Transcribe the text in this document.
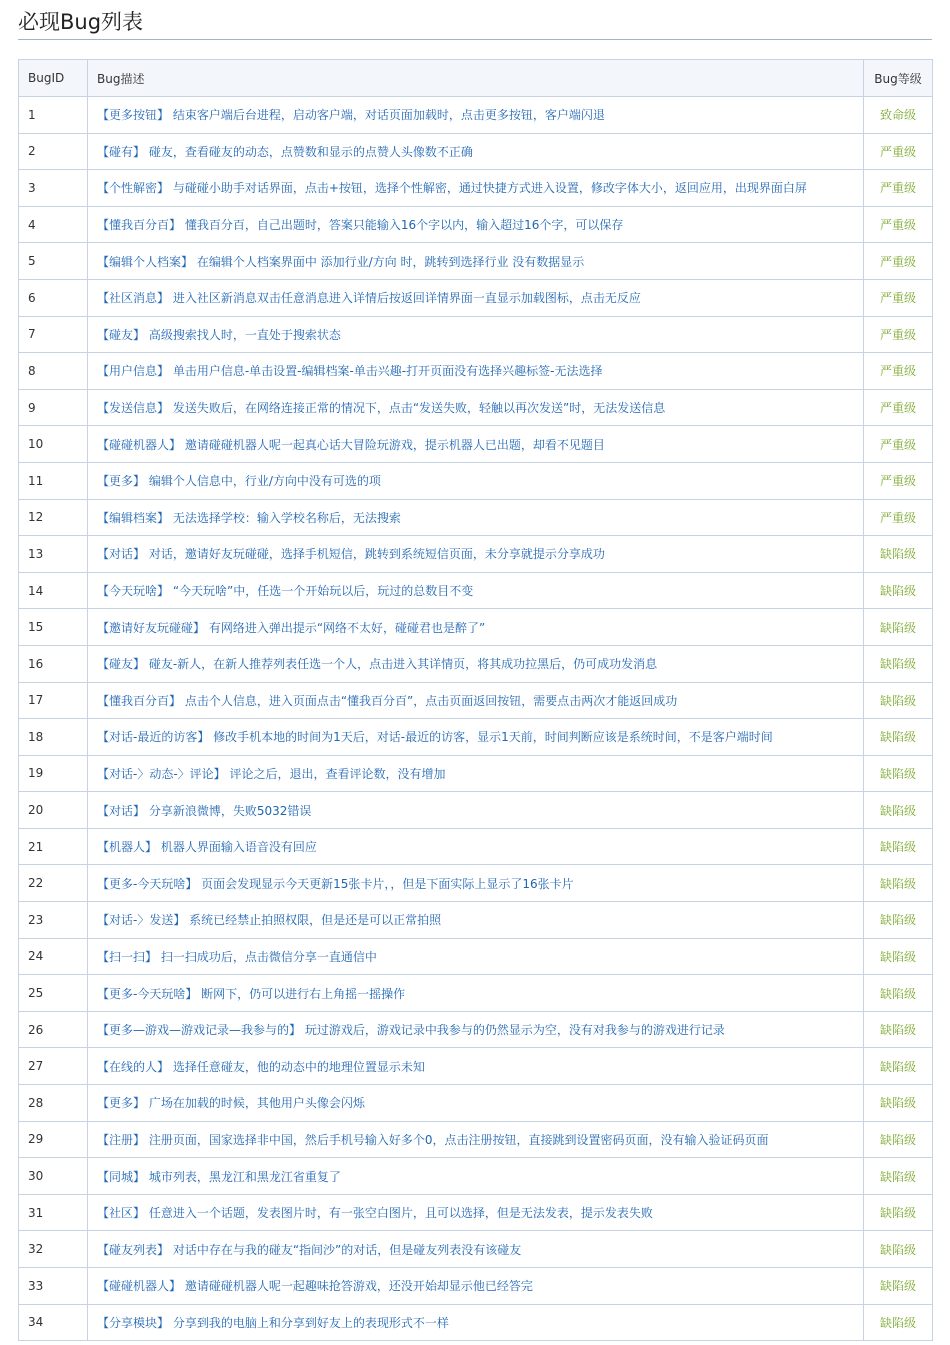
必现Bug列表
BugID	Bug描述	Bug等级
1	【更多按钮】 结束客户端后台进程，启动客户端，对话页面加载时，点击更多按钮，客户端闪退	致命级
2	【碰有】 碰友，查看碰友的动态，点赞数和显示的点赞人头像数不正确	严重级
3	【个性解密】 与碰碰小助手对话界面，点击+按钮，选择个性解密，通过快捷方式进入设置，修改字体大小，返回应用，出现界面白屏	严重级
4	【懂我百分百】 懂我百分百，自己出题时，答案只能输入16个字以内，输入超过16个字，可以保存	严重级
5	【编辑个人档案】 在编辑个人档案界面中 添加行业/方向 时，跳转到选择行业 没有数据显示	严重级
6	【社区消息】 进入社区新消息双击任意消息进入详情后按返回详情界面一直显示加载图标，点击无反应	严重级
7	【碰友】 高级搜索找人时，一直处于搜索状态	严重级
8	【用户信息】 单击用户信息-单击设置-编辑档案-单击兴趣-打开页面没有选择兴趣标签-无法选择	严重级
9	【发送信息】 发送失败后，在网络连接正常的情况下，点击“发送失败，轻触以再次发送”时，无法发送信息	严重级
10	【碰碰机器人】 邀请碰碰机器人呢一起真心话大冒险玩游戏，提示机器人已出题，却看不见题目	严重级
11	【更多】 编辑个人信息中，行业/方向中没有可选的项	严重级
12	【编辑档案】 无法选择学校：输入学校名称后，无法搜索	严重级
13	【对话】 对话，邀请好友玩碰碰，选择手机短信，跳转到系统短信页面，未分享就提示分享成功	缺陷级
14	【今天玩啥】 “今天玩啥”中，任选一个开始玩以后，玩过的总数目不变	缺陷级
15	【邀请好友玩碰碰】 有网络进入弹出提示“网络不太好，碰碰君也是醉了”	缺陷级
16	【碰友】 碰友-新人，在新人推荐列表任选一个人，点击进入其详情页，将其成功拉黑后，仍可成功发消息	缺陷级
17	【懂我百分百】 点击个人信息，进入页面点击“懂我百分百”，点击页面返回按钮，需要点击两次才能返回成功	缺陷级
18	【对话-最近的访客】 修改手机本地的时间为1天后，对话-最近的访客，显示1天前，时间判断应该是系统时间，不是客户端时间	缺陷级
19	【对话-〉动态-〉评论】 评论之后，退出，查看评论数，没有增加	缺陷级
20	【对话】 分享新浪微博，失败5032错误	缺陷级
21	【机器人】 机器人界面输入语音没有回应	缺陷级
22	【更多-今天玩啥】 页面会发现显示今天更新15张卡片，，但是下面实际上显示了16张卡片	缺陷级
23	【对话-〉发送】 系统已经禁止拍照权限，但是还是可以正常拍照	缺陷级
24	【扫一扫】 扫一扫成功后，点击微信分享一直通信中	缺陷级
25	【更多-今天玩啥】 断网下，仍可以进行右上角摇一摇操作	缺陷级
26	【更多—游戏—游戏记录—我参与的】 玩过游戏后，游戏记录中我参与的仍然显示为空，没有对我参与的游戏进行记录	缺陷级
27	【在线的人】 选择任意碰友，他的动态中的地理位置显示未知	缺陷级
28	【更多】 广场在加载的时候，其他用户头像会闪烁	缺陷级
29	【注册】 注册页面，国家选择非中国，然后手机号输入好多个0，点击注册按钮，直接跳到设置密码页面，没有输入验证码页面	缺陷级
30	【同城】 城市列表，黑龙江和黑龙江省重复了	缺陷级
31	【社区】 任意进入一个话题，发表图片时，有一张空白图片，且可以选择，但是无法发表，提示发表失败	缺陷级
32	【碰友列表】 对话中存在与我的碰友“指间沙”的对话，但是碰友列表没有该碰友	缺陷级
33	【碰碰机器人】 邀请碰碰机器人呢一起趣味抢答游戏，还没开始却显示他已经答完	缺陷级
34	【分享模块】 分享到我的电脑上和分享到好友上的表现形式不一样	缺陷级
